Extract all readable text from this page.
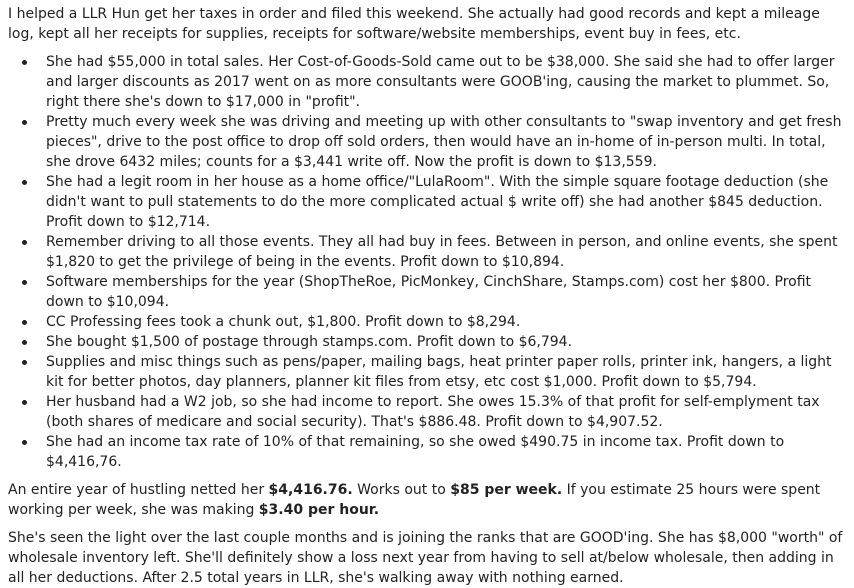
I helped a LLR Hun get her taxes in order and filed this weekend. She actually had good records and kept a mileage log, kept all her receipts for supplies, receipts for software/website memberships, event buy in fees, etc.

She had $55,000 in total sales. Her Cost-of-Goods-Sold came out to be $38,000. She said she had to offer larger and larger discounts as 2017 went on as more consultants were GOOB'ing, causing the market to plummet. So, right there she's down to $17,000 in "profit".
Pretty much every week she was driving and meeting up with other consultants to "swap inventory and get fresh pieces", drive to the post office to drop off sold orders, then would have an in-home of in-person multi. In total, she drove 6432 miles; counts for a $3,441 write off. Now the profit is down to $13,559.
She had a legit room in her house as a home office/"LulaRoom". With the simple square footage deduction (she didn't want to pull statements to do the more complicated actual $ write off) she had another $845 deduction. Profit down to $12,714.
Remember driving to all those events. They all had buy in fees. Between in person, and online events, she spent $1,820 to get the privilege of being in the events. Profit down to $10,894.
Software memberships for the year (ShopTheRoe, PicMonkey, CinchShare, Stamps.com) cost her $800. Profit down to $10,094.
CC Professing fees took a chunk out, $1,800. Profit down to $8,294.
She bought $1,500 of postage through stamps.com. Profit down to $6,794.
Supplies and misc things such as pens/paper, mailing bags, heat printer paper rolls, printer ink, hangers, a light kit for better photos, day planners, planner kit files from etsy, etc cost $1,000. Profit down to $5,794.
Her husband had a W2 job, so she had income to report. She owes 15.3% of that profit for self-emplyment tax (both shares of medicare and social security). That's $886.48. Profit down to $4,907.52.
She had an income tax rate of 10% of that remaining, so she owed $490.75 in income tax. Profit down to $4,416,76.

An entire year of hustling netted her $4,416.76. Works out to $85 per week. If you estimate 25 hours were spent working per week, she was making $3.40 per hour.

She's seen the light over the last couple months and is joining the ranks that are GOOD'ing. She has $8,000 "worth" of wholesale inventory left. She'll definitely show a loss next year from having to sell at/below wholesale, then adding in all her deductions. After 2.5 total years in LLR, she's walking away with nothing earned.
